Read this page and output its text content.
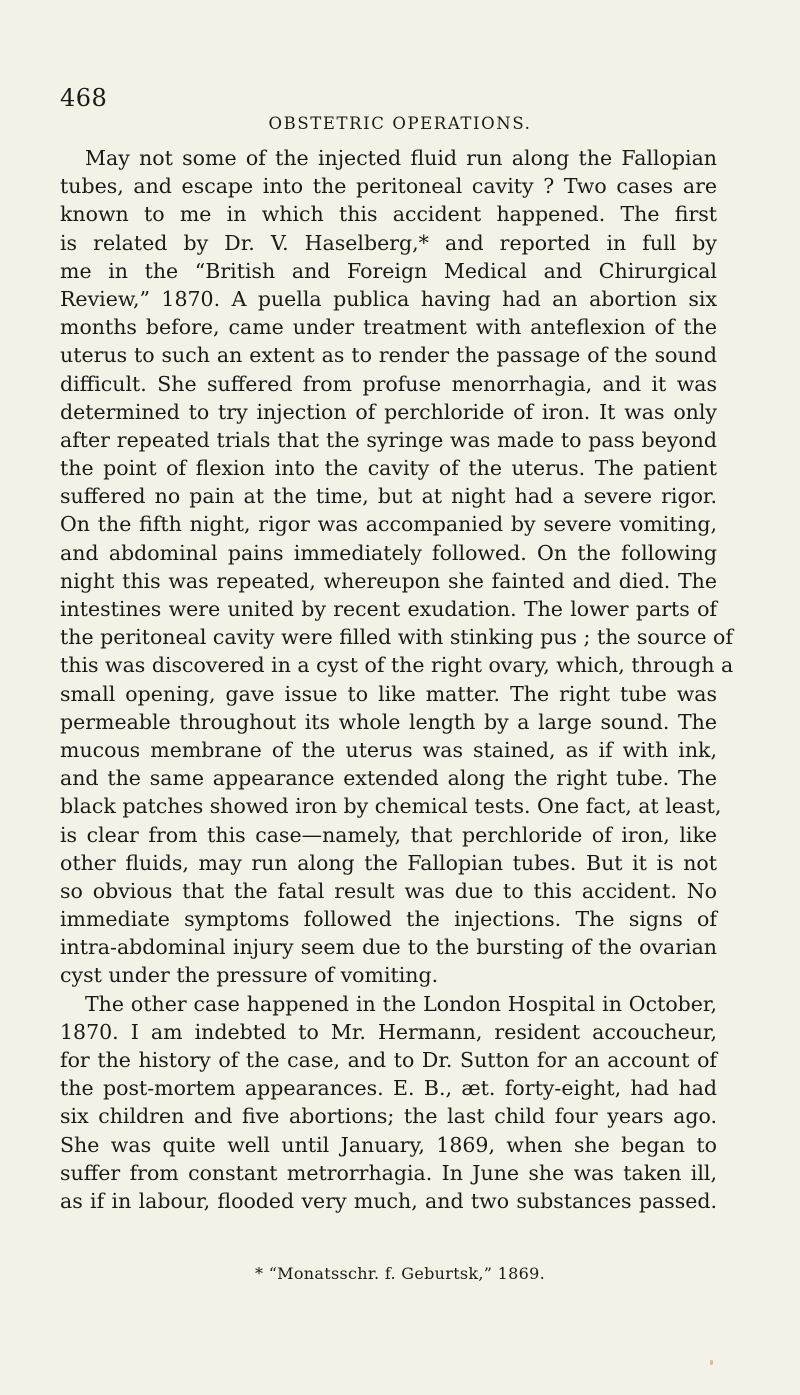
468
OBSTETRIC OPERATIONS.
May not some of the injected fluid run along the Fallopian
tubes, and escape into the peritoneal cavity ? Two cases are
known to me in which this accident happened. The first
is related by Dr. V. Haselberg,* and reported in full by
me in the “British and Foreign Medical and Chirurgical
Review,” 1870. A puella publica having had an abortion six
months before, came under treatment with anteflexion of the
uterus to such an extent as to render the passage of the sound
difficult. She suffered from profuse menorrhagia, and it was
determined to try injection of perchloride of iron. It was only
after repeated trials that the syringe was made to pass beyond
the point of flexion into the cavity of the uterus. The patient
suffered no pain at the time, but at night had a severe rigor.
On the fifth night, rigor was accompanied by severe vomiting,
and abdominal pains immediately followed. On the following
night this was repeated, whereupon she fainted and died. The
intestines were united by recent exudation. The lower parts of
the peritoneal cavity were filled with stinking pus ; the source of
this was discovered in a cyst of the right ovary, which, through a
small opening, gave issue to like matter. The right tube was
permeable throughout its whole length by a large sound. The
mucous membrane of the uterus was stained, as if with ink,
and the same appearance extended along the right tube. The
black patches showed iron by chemical tests. One fact, at least,
is clear from this case—namely, that perchloride of iron, like
other fluids, may run along the Fallopian tubes. But it is not
so obvious that the fatal result was due to this accident. No
immediate symptoms followed the injections. The signs of
intra-abdominal injury seem due to the bursting of the ovarian
cyst under the pressure of vomiting.
The other case happened in the London Hospital in October,
1870. I am indebted to Mr. Hermann, resident accoucheur,
for the history of the case, and to Dr. Sutton for an account of
the post-mortem appearances. E. B., æt. forty-eight, had had
six children and five abortions; the last child four years ago.
She was quite well until January, 1869, when she began to
suffer from constant metrorrhagia. In June she was taken ill,
as if in labour, flooded very much, and two substances passed.
* “Monatsschr. f. Geburtsk,” 1869.
